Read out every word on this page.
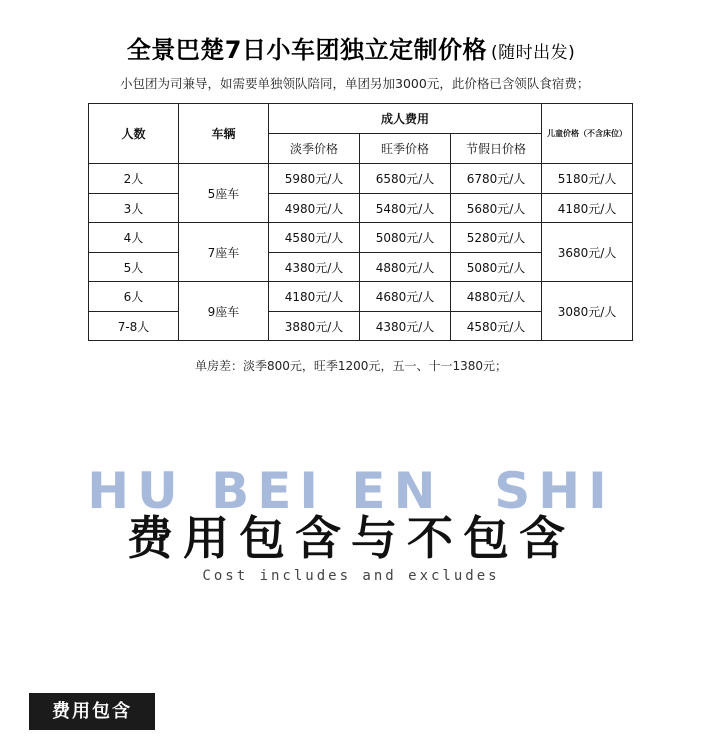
全景巴楚7日小车团独立定制价格 (随时出发)
小包团为司兼导，如需要单独领队陪同，单团另加3000元，此价格已含领队食宿费；
人数	车辆	成人费用			儿童价格（不含床位）
		淡季价格	旺季价格	节假日价格	
2人	5座车	5980元/人	6580元/人	6780元/人	5180元/人
3人		4980元/人	5480元/人	5680元/人	4180元/人
4人	7座车	4580元/人	5080元/人	5280元/人	3680元/人
5人		4380元/人	4880元/人	5080元/人	
6人	9座车	4180元/人	4680元/人	4880元/人	3080元/人
7-8人		3880元/人	4380元/人	4580元/人	
单房差：淡季800元，旺季1200元，五一、十一1380元；
HU BEI EN  SHI
费用包含与不包含
Cost includes and excludes
费用包含
